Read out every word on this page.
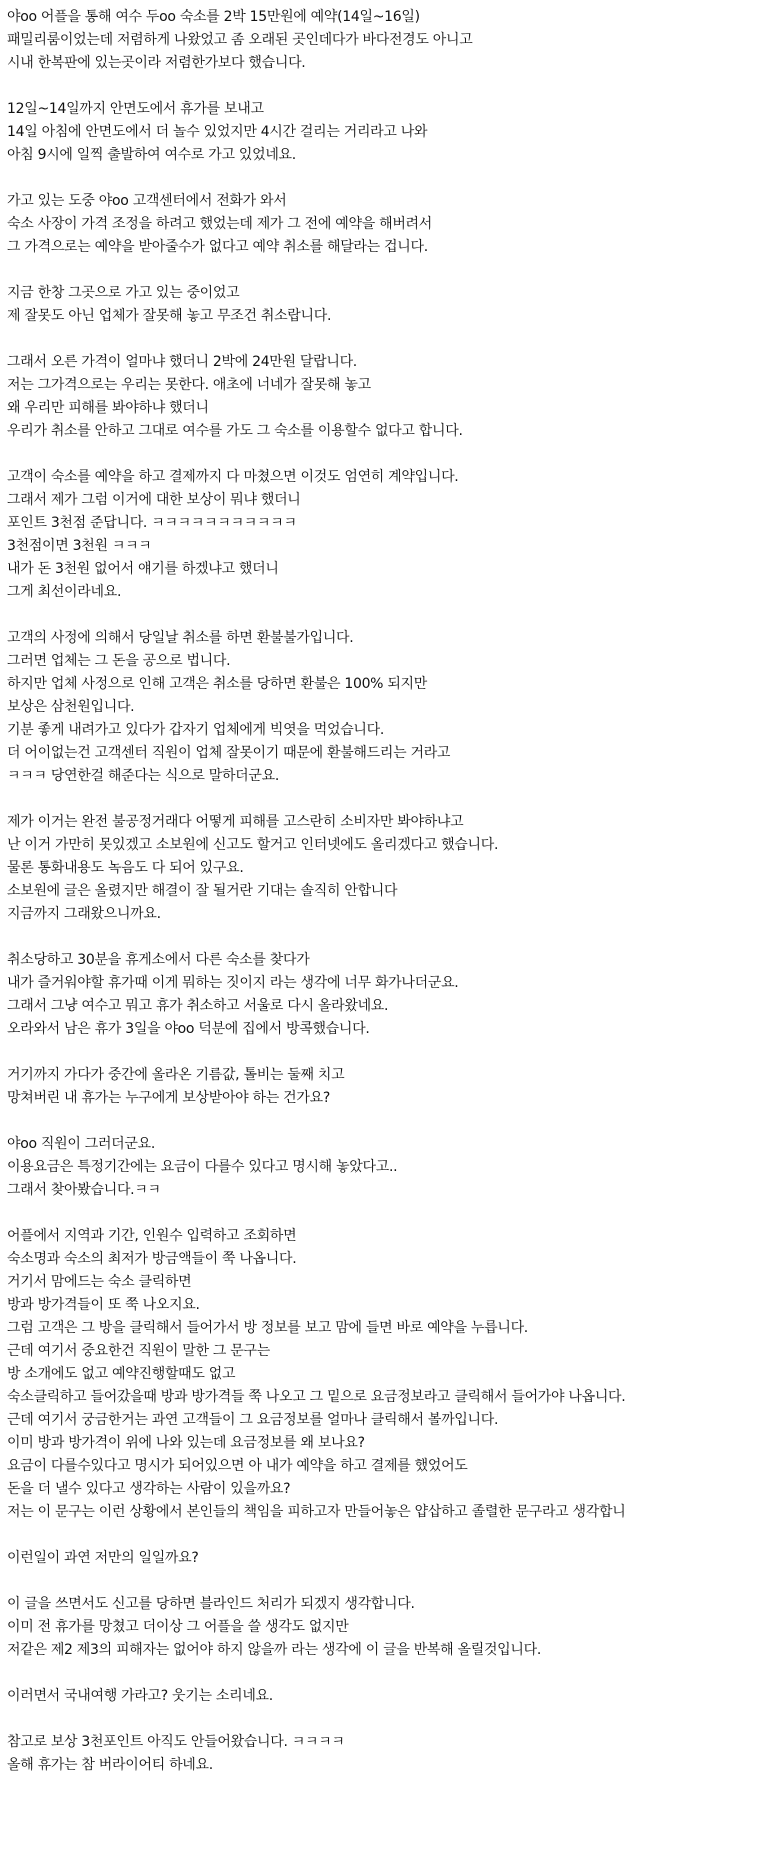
야oo 어플을 통해 여수 두oo 숙소를 2박 15만원에 예약(14일~16일)
패밀리룸이었는데 저렴하게 나왔었고 좀 오래된 곳인데다가 바다전경도 아니고
시내 한복판에 있는곳이라 저렴한가보다 했습니다.
12일~14일까지 안면도에서 휴가를 보내고
14일 아침에 안면도에서 더 놀수 있었지만 4시간 걸리는 거리라고 나와
아침 9시에 일찍 출발하여 여수로 가고 있었네요.
가고 있는 도중 야oo 고객센터에서 전화가 와서
숙소 사장이 가격 조정을 하려고 했었는데 제가 그 전에 예약을 해버려서
그 가격으로는 예약을 받아줄수가 없다고 예약 취소를 해달라는 겁니다.
지금 한창 그곳으로 가고 있는 중이었고
제 잘못도 아닌 업체가 잘못해 놓고 무조건 취소랍니다.
그래서 오른 가격이 얼마냐 했더니 2박에 24만원 달랍니다.
저는 그가격으로는 우리는 못한다. 애초에 너네가 잘못해 놓고
왜 우리만 피해를 봐야하냐 했더니
우리가 취소를 안하고 그대로 여수를 가도 그 숙소를 이용할수 없다고 합니다.
고객이 숙소를 예약을 하고 결제까지 다 마쳤으면 이것도 엄연히 계약입니다.
그래서 제가 그럼 이거에 대한 보상이 뭐냐 했더니
포인트 3천점 준답니다. ㅋㅋㅋㅋㅋㅋㅋㅋㅋㅋㅋ
3천점이면 3천원 ㅋㅋㅋ
내가 돈 3천원 없어서 얘기를 하겠냐고 했더니
그게 최선이라네요.
고객의 사정에 의해서 당일날 취소를 하면 환불불가입니다.
그러면 업체는 그 돈을 공으로 법니다.
하지만 업체 사정으로 인해 고객은 취소를 당하면 환불은 100% 되지만
보상은 삼천원입니다.
기분 좋게 내려가고 있다가 갑자기 업체에게 빅엿을 먹었습니다.
더 어이없는건 고객센터 직원이 업체 잘못이기 때문에 환불해드리는 거라고
ㅋㅋㅋ 당연한걸 해준다는 식으로 말하더군요.
제가 이거는 완전 불공정거래다 어떻게 피해를 고스란히 소비자만 봐야하냐고
난 이거 가만히 못있겠고 소보원에 신고도 할거고 인터넷에도 올리겠다고 했습니다.
물론 통화내용도 녹음도 다 되어 있구요.
소보원에 글은 올렸지만 해결이 잘 될거란 기대는 솔직히 안합니다
지금까지 그래왔으니까요.
취소당하고 30분을 휴게소에서 다른 숙소를 찾다가
내가 즐거워야할 휴가때 이게 뭐하는 짓이지 라는 생각에 너무 화가나더군요.
그래서 그냥 여수고 뭐고 휴가 취소하고 서울로 다시 올라왔네요.
오라와서 남은 휴가 3일을 야oo 덕분에 집에서 방콕했습니다.
거기까지 가다가 중간에 올라온 기름값, 톨비는 둘째 치고
망쳐버린 내 휴가는 누구에게 보상받아야 하는 건가요?
야oo 직원이 그러더군요.
이용요금은 특정기간에는 요금이 다를수 있다고 명시해 놓았다고..
그래서 찾아봤습니다.ㅋㅋ
어플에서 지역과 기간, 인원수 입력하고 조회하면
숙소명과 숙소의 최저가 방금액들이 쭉 나옵니다.
거기서 맘에드는 숙소 클릭하면
방과 방가격들이 또 쭉 나오지요.
그럼 고객은 그 방을 클릭해서 들어가서 방 정보를 보고 맘에 들면 바로 예약을 누릅니다.
근데 여기서 중요한건 직원이 말한 그 문구는
방 소개에도 없고 예약진행할때도 없고
숙소클릭하고 들어갔을때 방과 방가격들 쭉 나오고 그 밑으로 요금정보라고 클릭해서 들어가야 나옵니다.
근데 여기서 궁금한거는 과연 고객들이 그 요금정보를 얼마나 클릭해서 볼까입니다.
이미 방과 방가격이 위에 나와 있는데 요금정보를 왜 보나요?
요금이 다를수있다고 명시가 되어있으면 아 내가 예약을 하고 결제를 했었어도
돈을 더 낼수 있다고 생각하는 사람이 있을까요?
저는 이 문구는 이런 상황에서 본인들의 책임을 피하고자 만들어놓은 얍삽하고 졸렬한 문구라고 생각합니
이런일이 과연 저만의 일일까요?
이 글을 쓰면서도 신고를 당하면 블라인드 처리가 되겠지 생각합니다.
이미 전 휴가를 망쳤고 더이상 그 어플을 쓸 생각도 없지만
저같은 제2 제3의 피해자는 없어야 하지 않을까 라는 생각에 이 글을 반복해 올릴것입니다.
이러면서 국내여행 가라고? 웃기는 소리네요.
참고로 보상 3천포인트 아직도 안들어왔습니다. ㅋㅋㅋㅋ
올해 휴가는 참 버라이어티 하네요.
